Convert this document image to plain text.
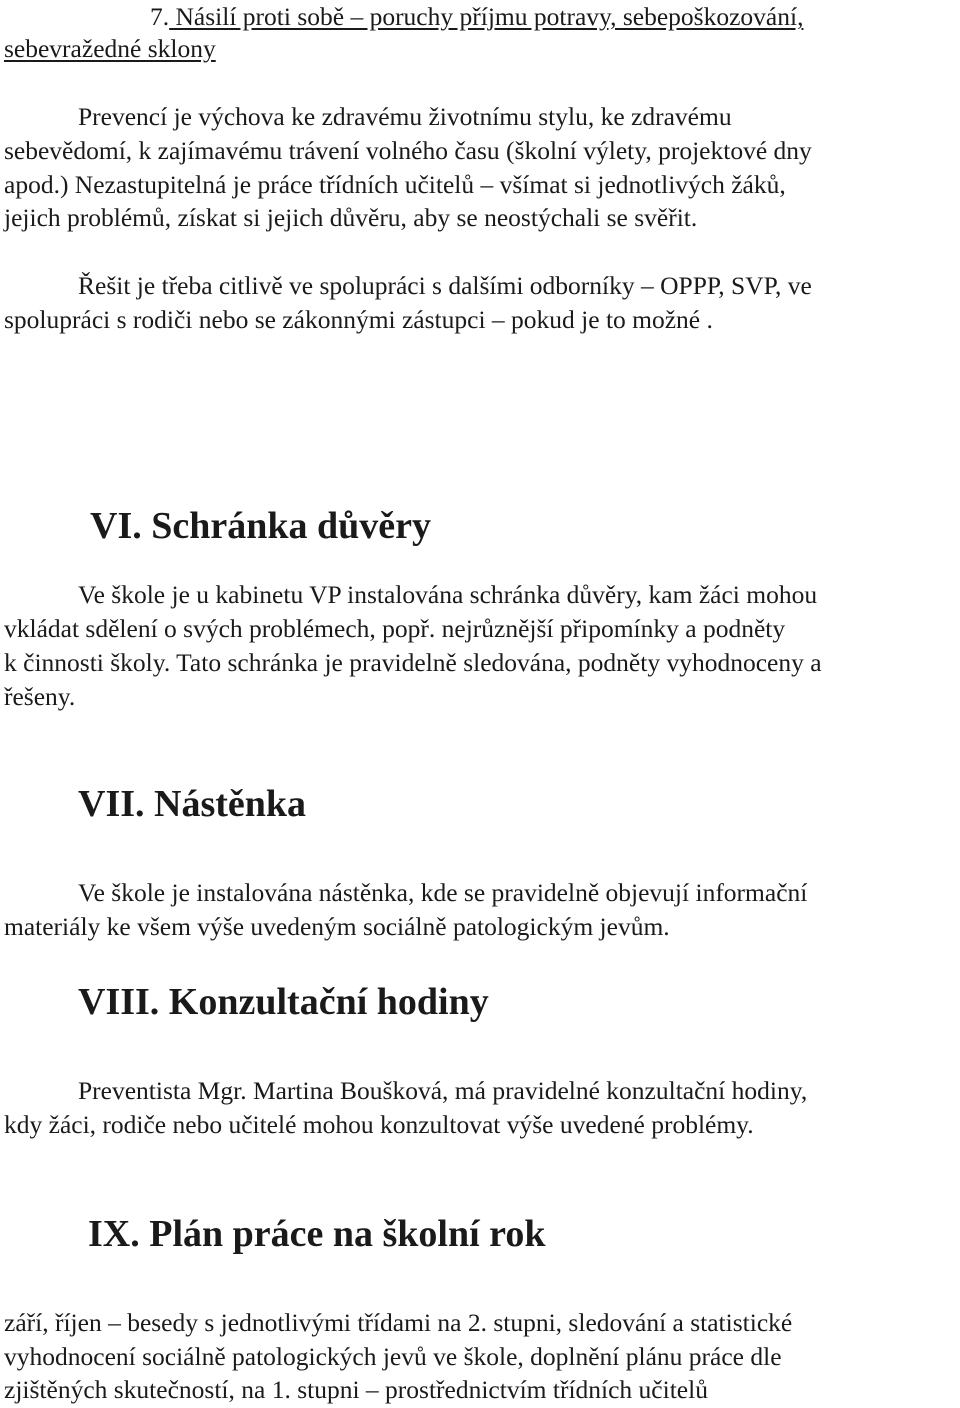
7. Násilí proti sobě – poruchy příjmu potravy, sebepoškozování,
sebevražedné sklony
Prevencí je výchova ke zdravému životnímu stylu, ke zdravému
sebevědomí, k zajímavému trávení volného času (školní výlety, projektové dny
apod.) Nezastupitelná je práce třídních učitelů – všímat si jednotlivých žáků,
jejich problémů, získat si jejich důvěru, aby se neostýchali se svěřit.
Řešit je třeba citlivě ve spolupráci s dalšími odborníky – OPPP, SVP, ve
spolupráci s rodiči nebo se zákonnými zástupci – pokud je to možné .
VI. Schránka důvěry
Ve škole je u kabinetu VP instalována schránka důvěry, kam žáci mohou
vkládat sdělení o svých problémech, popř. nejrůznější připomínky a podněty
k činnosti školy. Tato schránka je pravidelně sledována, podněty vyhodnoceny a
řešeny.
VII. Nástěnka
Ve škole je instalována nástěnka, kde se pravidelně objevují informační
materiály ke všem výše uvedeným sociálně patologickým jevům.
VIII. Konzultační hodiny
Preventista Mgr. Martina Boušková, má pravidelné konzultační hodiny,
kdy žáci, rodiče nebo učitelé mohou konzultovat výše uvedené problémy.
IX. Plán práce na školní rok
září, říjen – besedy s jednotlivými třídami na 2. stupni, sledování a statistické
vyhodnocení sociálně patologických jevů ve škole, doplnění plánu práce dle
zjištěných skutečností, na 1. stupni – prostřednictvím třídních učitelů
